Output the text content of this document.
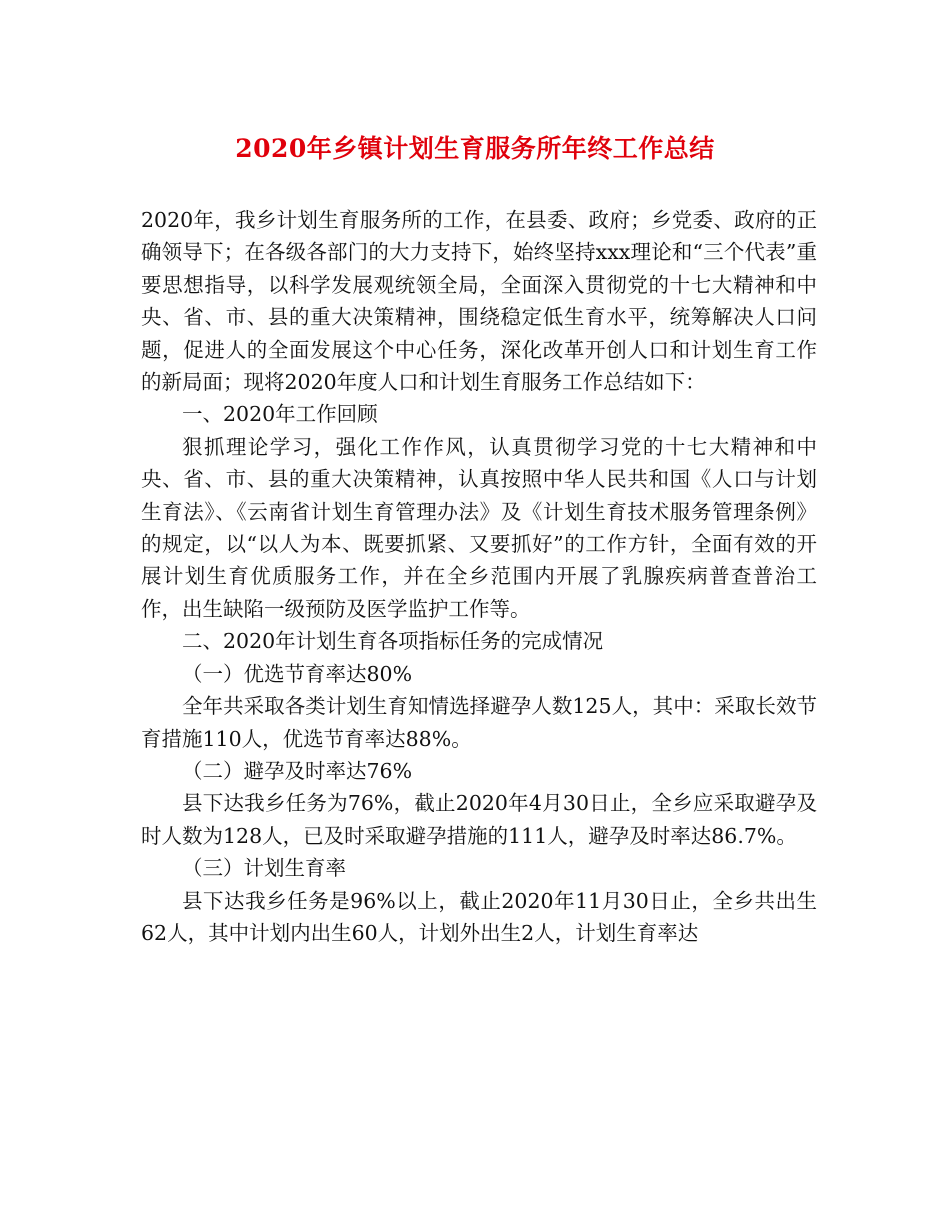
2020年乡镇计划生育服务所年终工作总结

2020年，我乡计划生育服务所的工作，在县委、政府；乡党委、政府的正确领导下；在各级各部门的大力支持下，始终坚持xxx理论和“三个代表”重要思想指导，以科学发展观统领全局，全面深入贯彻党的十七大精神和中央、省、市、县的重大决策精神，围绕稳定低生育水平，统筹解决人口问题，促进人的全面发展这个中心任务，深化改革开创人口和计划生育工作的新局面；现将2020年度人口和计划生育服务工作总结如下：

一、2020年工作回顾

狠抓理论学习，强化工作作风，认真贯彻学习党的十七大精神和中央、省、市、县的重大决策精神，认真按照中华人民共和国《人口与计划生育法》、《云南省计划生育管理办法》及《计划生育技术服务管理条例》的规定，以“以人为本、既要抓紧、又要抓好”的工作方针，全面有效的开展计划生育优质服务工作，并在全乡范围内开展了乳腺疾病普查普治工作，出生缺陷一级预防及医学监护工作等。

二、2020年计划生育各项指标任务的完成情况

（一）优选节育率达80%

全年共采取各类计划生育知情选择避孕人数125人，其中：采取长效节育措施110人，优选节育率达88%。

（二）避孕及时率达76%

县下达我乡任务为76%，截止2020年4月30日止，全乡应采取避孕及时人数为128人，已及时采取避孕措施的111人，避孕及时率达86.7%。

（三）计划生育率

县下达我乡任务是96%以上，截止2020年11月30日止，全乡共出生62人，其中计划内出生60人，计划外出生2人，计划生育率达
